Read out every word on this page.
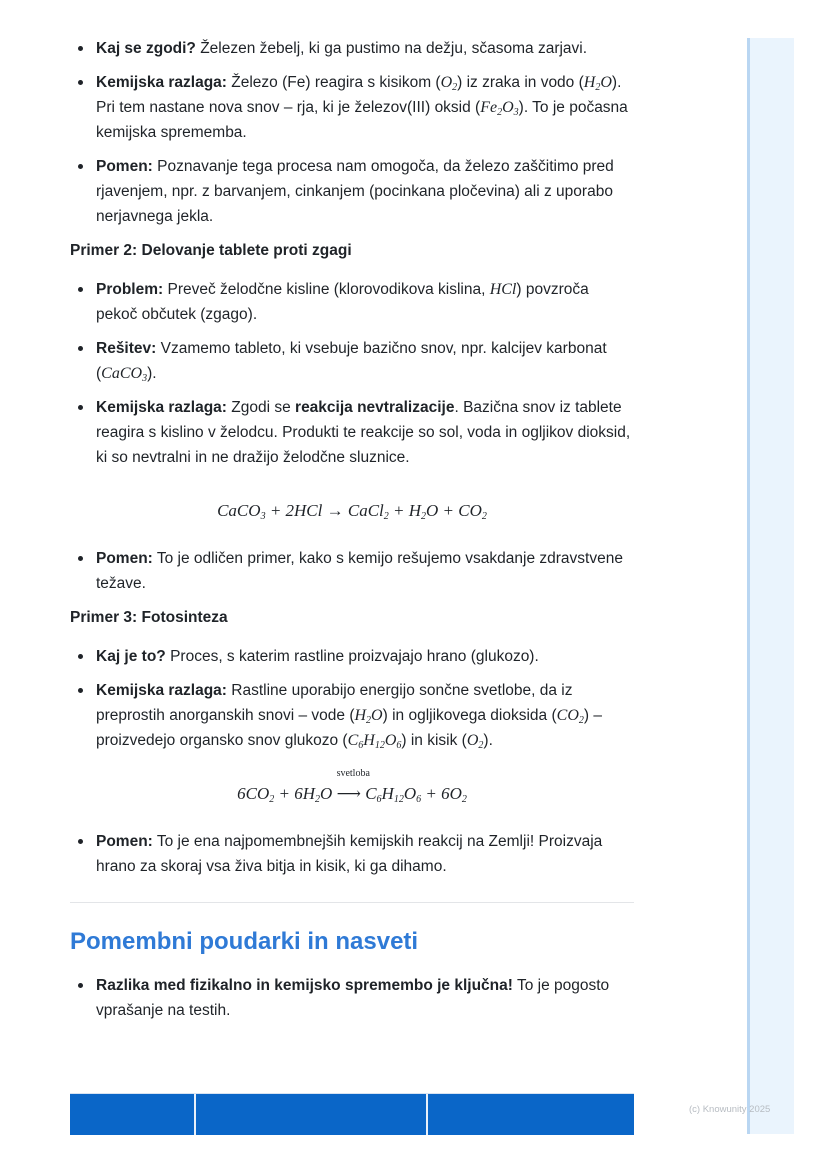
Kaj se zgodi? Železen žebelj, ki ga pustimo na dežju, sčasoma zarjavi.
Kemijska razlaga: Železo (Fe) reagira s kisikom $(O_2)$ iz zraka in vodo $(H_2O)$. Pri tem nastane nova snov – rja, ki je železov(III) oksid $(Fe_2O_3)$. To je počasna kemijska sprememba.
Pomen: Poznavanje tega procesa nam omogoča, da železo zaščitimo pred rjavenjem, npr. z barvanjem, cinkanjem (pocinkana pločevina) ali z uporabo nerjavnega jekla.
Primer 2: Delovanje tablete proti zgagi
Problem: Preveč želodčne kisline (klorovodikova kislina, HCl) povzroča pekoč občutek (zgago).
Rešitev: Vzamemo tableto, ki vsebuje bazično snov, npr. kalcijev karbonat (CaCO$_3$).
Kemijska razlaga: Zgodi se reakcija nevtralizacije. Bazična snov iz tablete reagira s kislino v želodcu. Produkti te reakcije so sol, voda in ogljikov dioksid, ki so nevtralni in ne dražijo želodčne sluznice.
CaCO$_3$ + 2HCl → CaCl$_2$ + $H_2O + CO_2$
Pomen: To je odličen primer, kako s kemijo rešujemo vsakdanje zdravstvene težave.
Primer 3: Fotosinteza
Kaj je to? Proces, s katerim rastline proizvajajo hrano (glukozo).
Kemijska razlaga: Rastline uporabijo energijo sončne svetlobe, da iz preprostih anorganskih snovi – vode $(H_2O)$ in ogljikovega dioksida $(CO_2)$ – proizvedejo organsko snov glukozo $(C_6H_{12}O_6)$ in kisik $(O_2)$.
$6CO_2 + 6H_2O$
svetloba
⟶ $C_6H_{12}O_6 + 6O_2$
Pomen: To je ena najpomembnejših kemijskih reakcij na Zemlji! Proizvaja hrano za skoraj vsa živa bitja in kisik, ki ga dihamo.
Pomembni poudarki in nasveti
Razlika med fizikalno in kemijsko spremembo je ključna! To je pogosto vprašanje na testih.
(c) Knowunity 2025
